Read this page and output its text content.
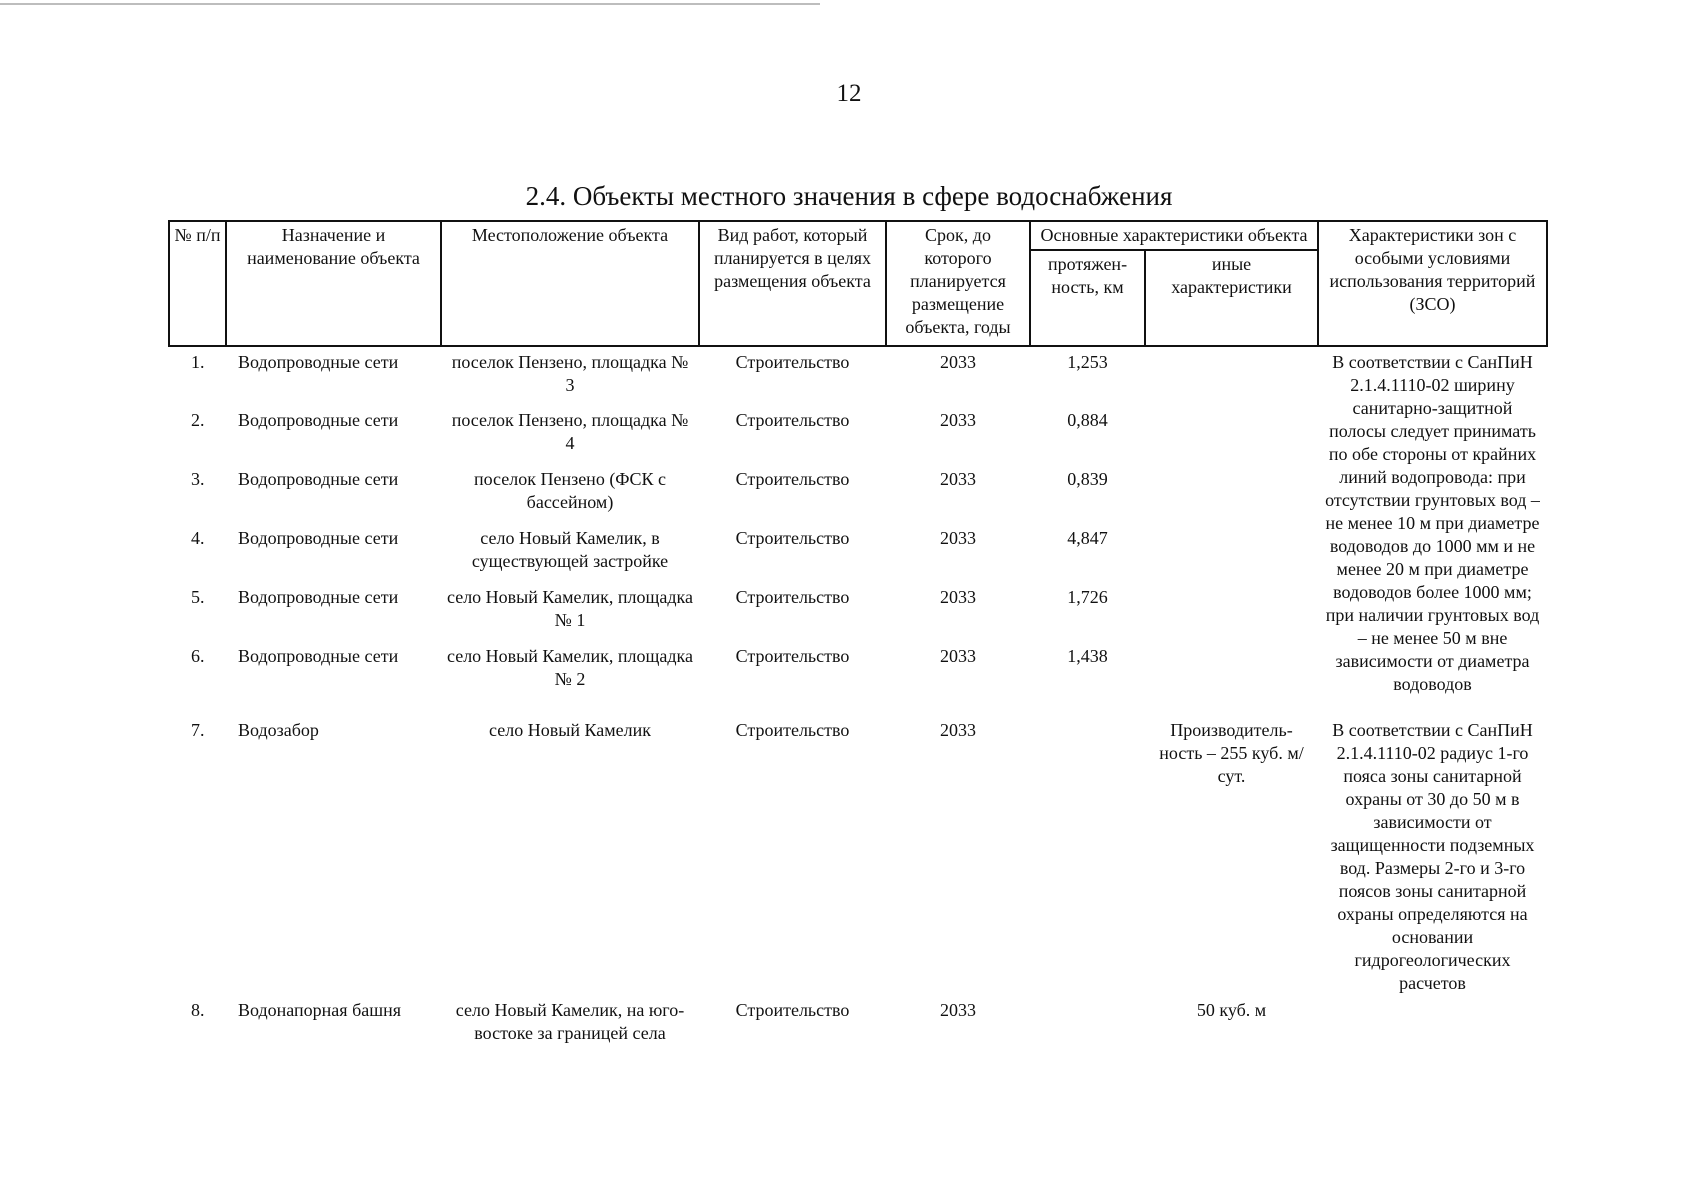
12
2.4. Объекты местного значения в сфере водоснабжения
№ п/п	Назначение и наименование объекта	Местоположение объекта	Вид работ, который планируется в целях размещения объекта	Срок, до которого планируется размещение объекта, годы	Основные характеристики объекта		Характеристики зон с особыми условиями использования территорий (ЗСО)
					протяжен-ность, км	иные характеристики	
1.	Водопроводные сети	поселок Пензено, площадка № 3	Строительство	2033	1,253		В соответствии с СанПиН 2.1.4.1110-02 ширину санитарно-защитной полосы следует принимать по обе стороны от крайних линий водопровода: при отсутствии грунтовых вод – не менее 10 м при диаметре водоводов до 1000 мм и не менее 20 м при диаметре водоводов более 1000 мм; при наличии грунтовых вод – не менее 50 м вне зависимости от диаметра водоводов
2.	Водопроводные сети	поселок Пензено, площадка № 4	Строительство	2033	0,884		
3.	Водопроводные сети	поселок Пензено (ФСК с бассейном)	Строительство	2033	0,839		
4.	Водопроводные сети	село Новый Камелик, в существующей застройке	Строительство	2033	4,847		
5.	Водопроводные сети	село Новый Камелик, площадка № 1	Строительство	2033	1,726		
6.	Водопроводные сети	село Новый Камелик, площадка № 2	Строительство	2033	1,438		
7.	Водозабор	село Новый Камелик	Строительство	2033		Производитель-ность – 255 куб. м/сут.	В соответствии с СанПиН 2.1.4.1110-02 радиус 1-го пояса зоны санитарной охраны от 30 до 50 м в зависимости от защищенности подземных вод. Размеры 2-го и 3-го поясов зоны санитарной охраны определяются на основании гидрогеологических расчетов
8.	Водонапорная башня	село Новый Камелик, на юго-востоке за границей села	Строительство	2033		50 куб. м	
